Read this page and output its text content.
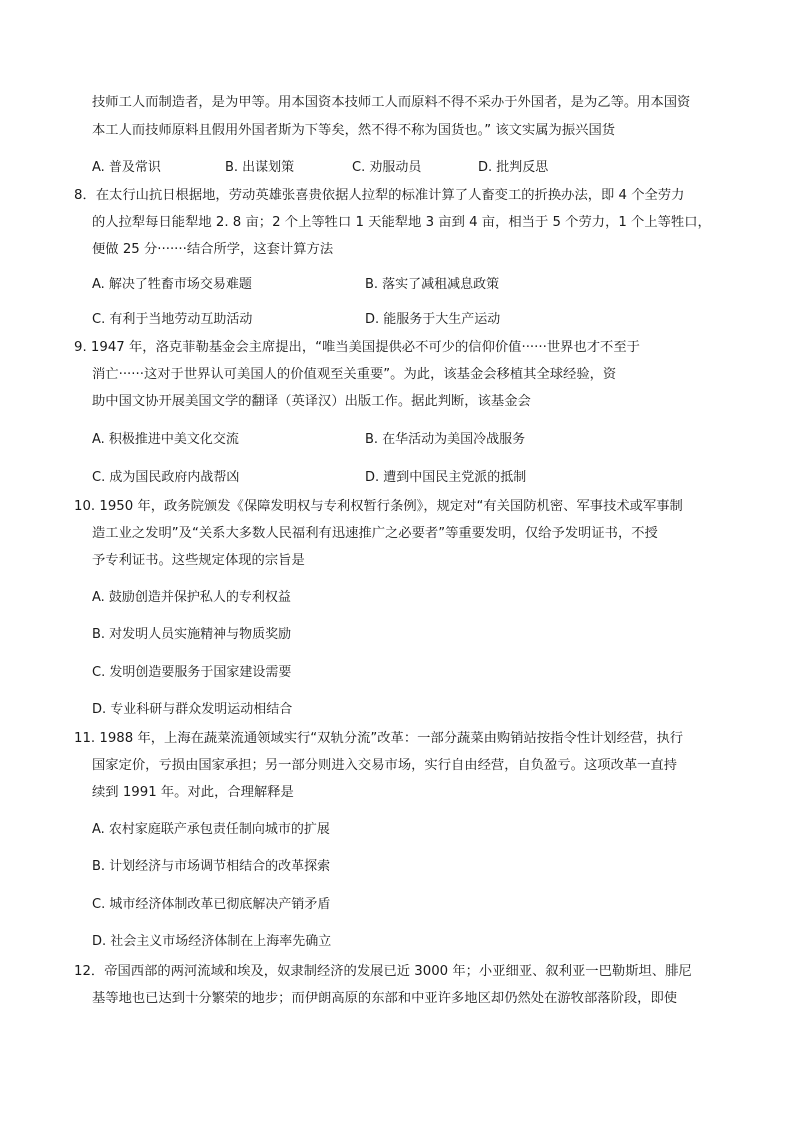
技师工人而制造者，是为甲等。用本国资本技师工人而原料不得不采办于外国者，是为乙等。用本国资
本工人而技师原料且假用外国者斯为下等矣，然不得不称为国货也。” 该文实属为振兴国货
A. 普及常识	B. 出谋划策	C. 劝服动员	D. 批判反思
8．在太行山抗日根据地，劳动英雄张喜贵依据人拉犁的标准计算了人畜变工的折换办法，即 4 个全劳力
的人拉犁每日能犁地 2. 8 亩；2 个上等牲口 1 天能犁地 3 亩到 4 亩，相当于 5 个劳力，1 个上等牲口，
便做 25 分·······结合所学，这套计算方法
A. 解决了牲畜市场交易难题	B. 落实了减租减息政策
C. 有利于当地劳动互助活动	D. 能服务于大生产运动
9. 1947 年，洛克菲勒基金会主席提出，“唯当美国提供必不可少的信仰价值······世界也才不至于
消亡······这对于世界认可美国人的价值观至关重要”。为此，该基金会移植其全球经验，资
助中国文协开展美国文学的翻译（英译汉）出版工作。据此判断，该基金会
A. 积极推进中美文化交流	B. 在华活动为美国冷战服务
C. 成为国民政府内战帮凶	D. 遭到中国民主党派的抵制
10. 1950 年，政务院颁发《保障发明权与专利权暂行条例》，规定对“有关国防机密、军事技术或军事制
造工业之发明”及“关系大多数人民福利有迅速推广之必要者”等重要发明，仅给予发明证书，不授
予专利证书。这些规定体现的宗旨是
A. 鼓励创造并保护私人的专利权益
B. 对发明人员实施精神与物质奖励
C. 发明创造要服务于国家建设需要
D. 专业科研与群众发明运动相结合
11. 1988 年，上海在蔬菜流通领域实行“双轨分流”改革：一部分蔬菜由购销站按指令性计划经营，执行
国家定价，亏损由国家承担；另一部分则进入交易市场，实行自由经营，自负盈亏。这项改革一直持
续到 1991 年。对此，合理解释是
A. 农村家庭联产承包责任制向城市的扩展
B. 计划经济与市场调节相结合的改革探索
C. 城市经济体制改革已彻底解决产销矛盾
D. 社会主义市场经济体制在上海率先确立
12．帝国西部的两河流域和埃及，奴隶制经济的发展已近 3000 年；小亚细亚、叙利亚一巴勒斯坦、腓尼
基等地也已达到十分繁荣的地步；而伊朗高原的东部和中亚许多地区却仍然处在游牧部落阶段，即使
